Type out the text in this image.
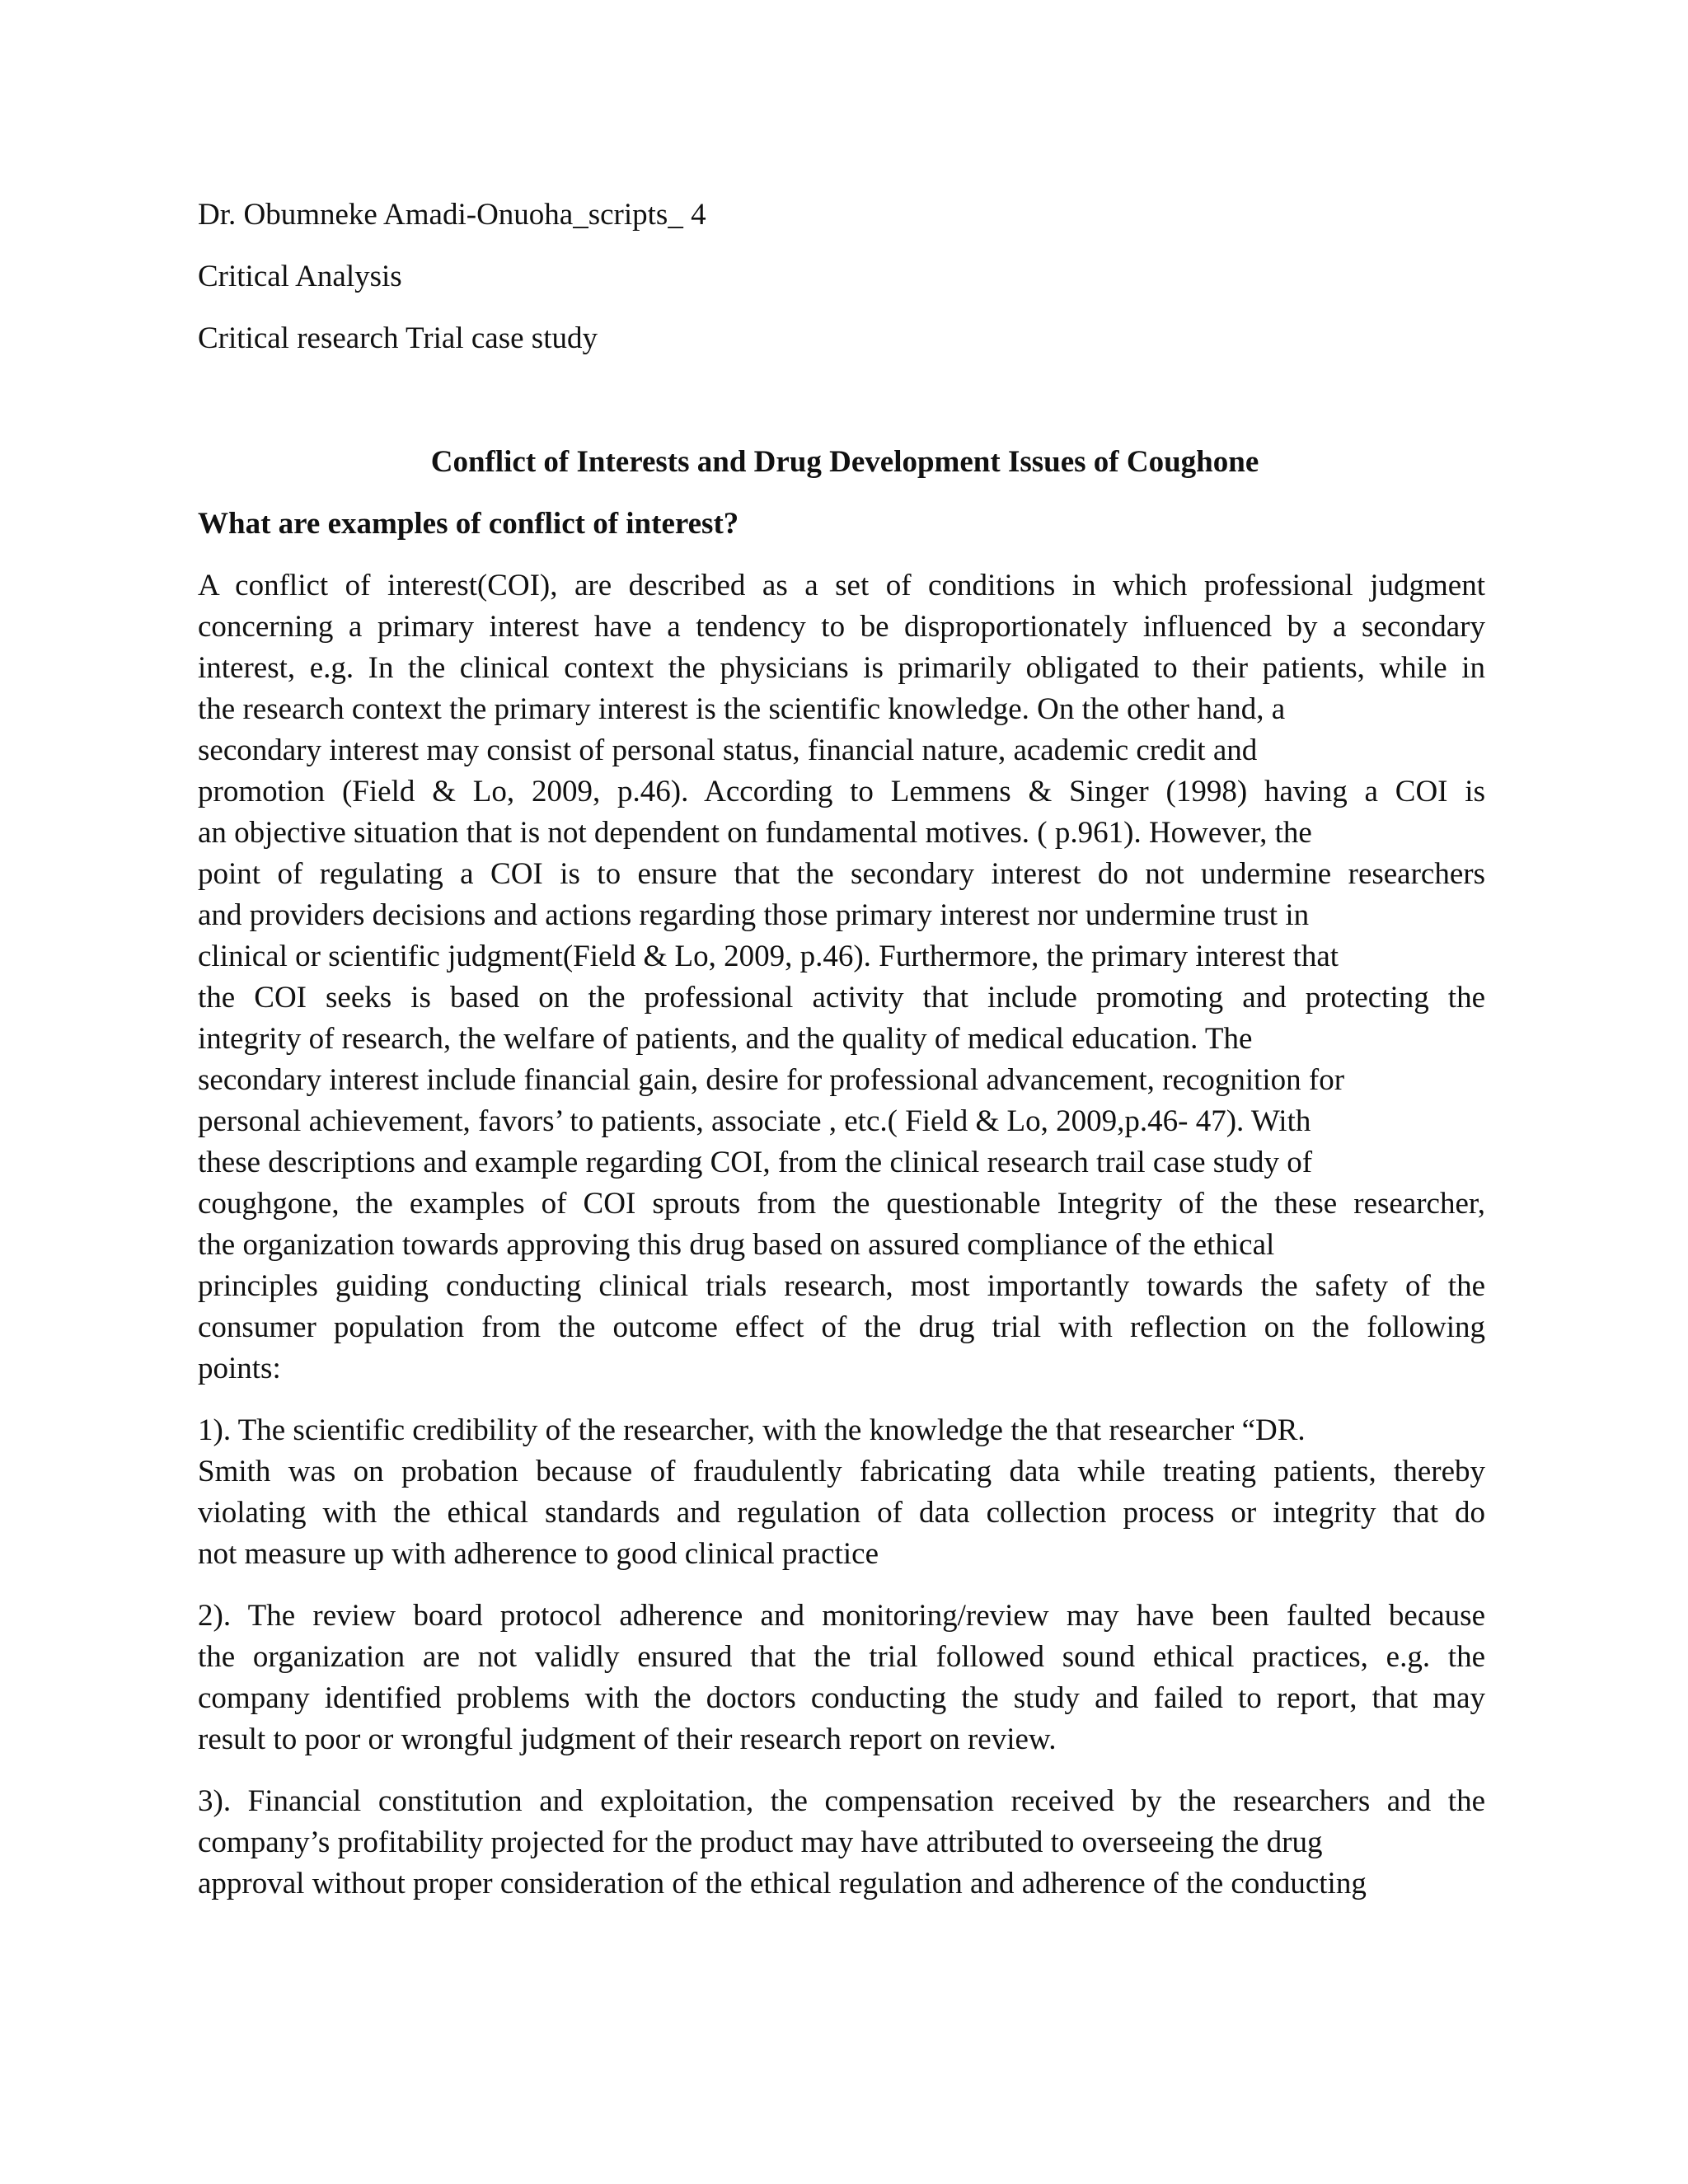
Dr. Obumneke Amadi-Onuoha_scripts_ 4
Critical Analysis
Critical research Trial case study
Conflict of Interests and Drug Development Issues of Coughone
What are examples of conflict of interest?
A conflict of interest(COI), are described as a set of conditions in which professional judgment
concerning a primary interest have a tendency to be disproportionately influenced by a secondary
interest, e.g. In the clinical context the physicians is primarily obligated to their patients, while in
the research context the primary interest is the scientific knowledge. On the other hand, a
secondary interest may consist of personal status, financial nature, academic credit and
promotion (Field & Lo, 2009, p.46). According to Lemmens & Singer (1998) having a COI is
an objective situation that is not dependent on fundamental motives. ( p.961). However, the
point of regulating a COI is to ensure that the secondary interest do not undermine researchers
and providers decisions and actions regarding those primary interest nor undermine trust in
clinical or scientific judgment(Field & Lo, 2009, p.46). Furthermore, the primary interest that
the COI seeks is based on the professional activity that include promoting and protecting the
integrity of research, the welfare of patients, and the quality of medical education. The
secondary interest include financial gain, desire for professional advancement, recognition for
personal achievement, favors’ to patients, associate , etc.( Field & Lo, 2009,p.46- 47). With
these descriptions and example regarding COI, from the clinical research trail case study of
coughgone, the examples of COI sprouts from the questionable Integrity of the these researcher,
the organization towards approving this drug based on assured compliance of the ethical
principles guiding conducting clinical trials research, most importantly towards the safety of the
consumer population from the outcome effect of the drug trial with reflection on the following
points:
1). The scientific credibility of the researcher, with the knowledge the that researcher “DR.
Smith was on probation because of fraudulently fabricating data while treating patients, thereby
violating with the ethical standards and regulation of data collection process or integrity that do
not measure up with adherence to good clinical practice
2). The review board protocol adherence and monitoring/review may have been faulted because
the organization are not validly ensured that the trial followed sound ethical practices, e.g. the
company identified problems with the doctors conducting the study and failed to report, that may
result to poor or wrongful judgment of their research report on review.
3). Financial constitution and exploitation, the compensation received by the researchers and the
company’s profitability projected for the product may have attributed to overseeing the drug
approval without proper consideration of the ethical regulation and adherence of the conducting
